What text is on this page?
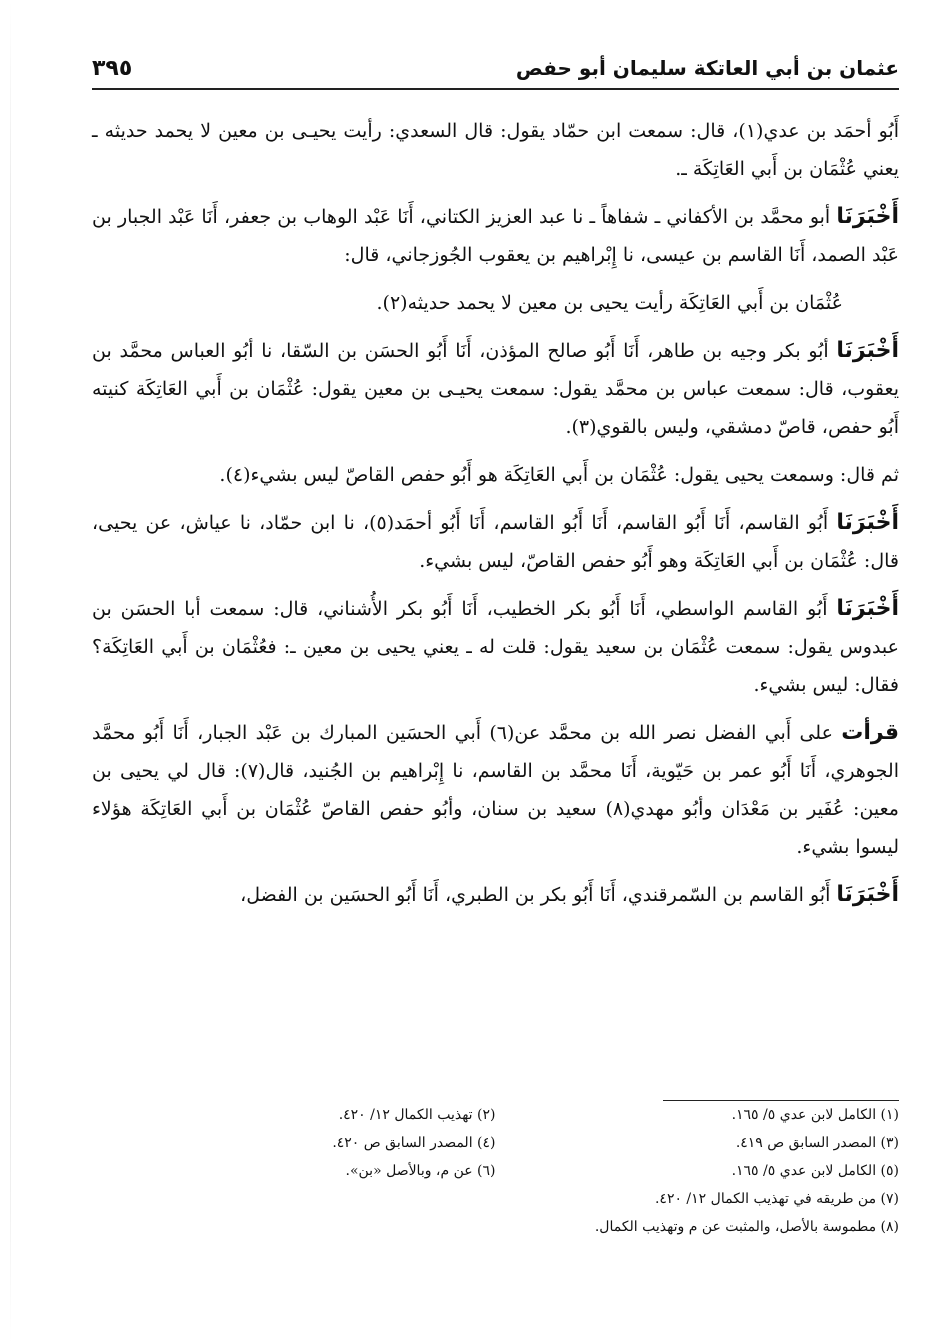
عثمان بن أبي العاتكة سليمان أبو حفص
٣٩٥

أَبُو أحمَد بن عدي(١)، قال: سمعت ابن حمّاد يقول: قال السعدي: رأيت يحيـى بن معين لا يحمد حديثه ـ يعني عُثْمَان بن أَبي العَاتِكَة ـ.

أَخْبَرَنَا أبو محمَّد بن الأكفاني ـ شفاهاً ـ نا عبد العزيز الكتاني، أَنَا عَبْد الوهاب بن جعفر، أَنَا عَبْد الجبار بن عَبْد الصمد، أَنَا القاسم بن عيسى، نا إِبْراهيم بن يعقوب الجُوزجاني، قال:

عُثْمَان بن أَبي العَاتِكَة رأيت يحيى بن معين لا يحمد حديثه(٢).

أَخْبَرَنَا أبُو بكر وجيه بن طاهر، أَنَا أَبُو صالح المؤذن، أَنَا أَبُو الحسَن بن السّقا، نا أبُو العباس محمَّد بن يعقوب، قال: سمعت عباس بن محمَّد يقول: سمعت يحيـى بن معين يقول: عُثْمَان بن أَبي العَاتِكَة كنيته أَبُو حفص، قاصّ دمشقي، وليس بالقوي(٣).

ثم قال: وسمعت يحيى يقول: عُثْمَان بن أَبي العَاتِكَة هو أَبُو حفص القاصّ ليس بشيء(٤).

أَخْبَرَنَا أَبُو القاسم، أَنَا أَبُو القاسم، أَنَا أَبُو القاسم، أَنَا أَبُو أحمَد(٥)، نا ابن حمّاد، نا عياش، عن يحيى، قال: عُثْمَان بن أَبي العَاتِكَة وهو أَبُو حفص القاصّ، ليس بشيء.

أَخْبَرَنَا أَبُو القاسم الواسطي، أَنَا أَبُو بكر الخطيب، أَنَا أَبُو بكر الأُشناني، قال: سمعت أبا الحسَن بن عبدوس يقول: سمعت عُثْمَان بن سعيد يقول: قلت له ـ يعني يحيى بن معين ـ: فعُثْمَان بن أَبي العَاتِكَة؟ فقال: ليس بشيء.

قرأت على أَبي الفضل نصر الله بن محمَّد عن(٦) أَبي الحسَين المبارك بن عَبْد الجبار، أَنَا أَبُو محمَّد الجوهري، أَنَا أَبُو عمر بن حَيّوية، أَنَا محمَّد بن القاسم، نا إِبْراهيم بن الجُنيد، قال(٧): قال لي يحيى بن معين: عُفَير بن مَعْدَان وأبُو مهدي(٨) سعيد بن سنان، وأبُو حفص القاصّ عُثْمَان بن أَبي العَاتِكَة هؤلاء ليسوا بشيء.

أَخْبَرَنَا أَبُو القاسم بن السّمرقندي، أَنَا أَبُو بكر بن الطبري، أَنَا أَبُو الحسَين بن الفضل،

(١) الكامل لابن عدي ٥/ ١٦٥.
(٢) تهذيب الكمال ١٢/ ٤٢٠.
(٣) المصدر السابق ص ٤١٩.
(٤) المصدر السابق ص ٤٢٠.
(٥) الكامل لابن عدي ٥/ ١٦٥.
(٦) عن م، وبالأصل «بن».
(٧) من طريقه في تهذيب الكمال ١٢/ ٤٢٠.
(٨) مطموسة بالأصل، والمثبت عن م وتهذيب الكمال.
